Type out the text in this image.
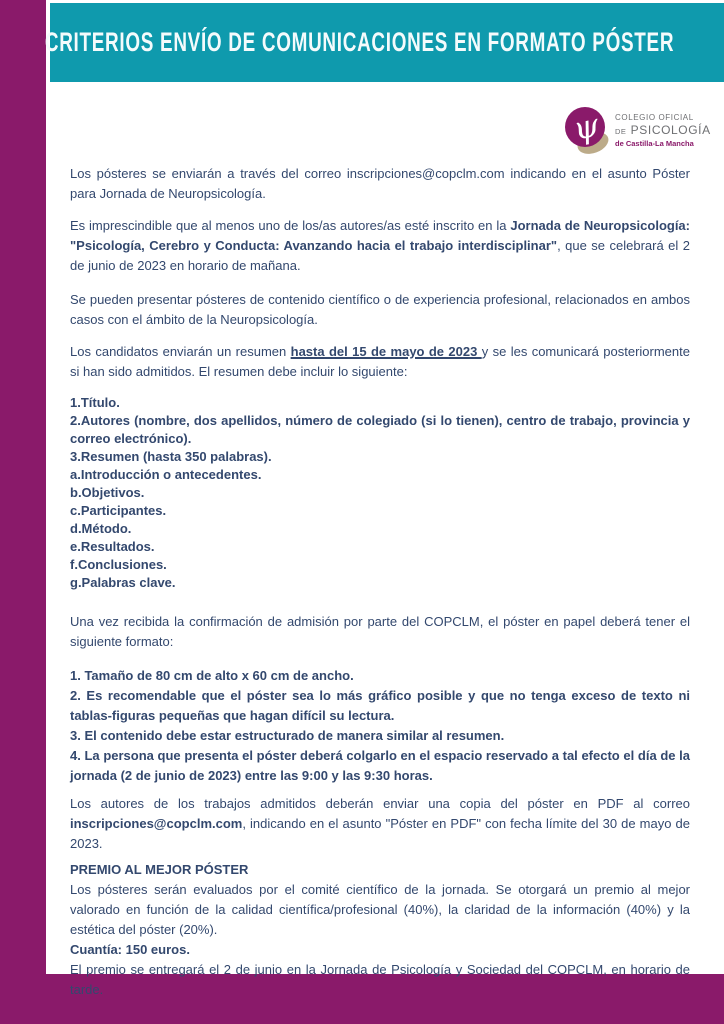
CRITERIOS ENVÍO DE COMUNICACIONES EN FORMATO PÓSTER
ψ COLEGIO OFICIAL
DE PSICOLOGÍA
de Castilla-La Mancha

Los pósteres se enviarán a través del correo inscripciones@copclm.com indicando en el asunto Póster para Jornada de Neuropsicología.

Es imprescindible que al menos uno de los/as autores/as esté inscrito en la Jornada de Neuropsicología: "Psicología, Cerebro y Conducta: Avanzando hacia el trabajo interdisciplinar", que se celebrará el 2 de junio de 2023 en horario de mañana.

Se pueden presentar pósteres de contenido científico o de experiencia profesional, relacionados en ambos casos con el ámbito de la Neuropsicología.

Los candidatos enviarán un resumen hasta del 15 de mayo de 2023 y se les comunicará posteriormente si han sido admitidos. El resumen debe incluir lo siguiente:

1.Título.
2.Autores (nombre, dos apellidos, número de colegiado (si lo tienen), centro de trabajo, provincia y correo electrónico).
3.Resumen (hasta 350 palabras).
a.Introducción o antecedentes.
b.Objetivos.
c.Participantes.
d.Método.
e.Resultados.
f.Conclusiones.
g.Palabras clave.

Una vez recibida la confirmación de admisión por parte del COPCLM, el póster en papel deberá tener el siguiente formato:

1. Tamaño de 80 cm de alto x 60 cm de ancho.
2. Es recomendable que el póster sea lo más gráfico posible y que no tenga exceso de texto ni tablas-figuras pequeñas que hagan difícil su lectura.
3. El contenido debe estar estructurado de manera similar al resumen.
4. La persona que presenta el póster deberá colgarlo en el espacio reservado a tal efecto el día de la jornada (2 de junio de 2023) entre las 9:00 y las 9:30 horas.

Los autores de los trabajos admitidos deberán enviar una copia del póster en PDF al correo inscripciones@copclm.com, indicando en el asunto "Póster en PDF" con fecha límite del 30 de mayo de 2023.

PREMIO AL MEJOR PÓSTER
Los pósteres serán evaluados por el comité científico de la jornada. Se otorgará un premio al mejor valorado en función de la calidad científica/profesional (40%), la claridad de la información (40%) y la estética del póster (20%).
Cuantía: 150 euros.
El premio se entregará el 2 de junio en la Jornada de Psicología y Sociedad del COPCLM, en horario de tarde.
